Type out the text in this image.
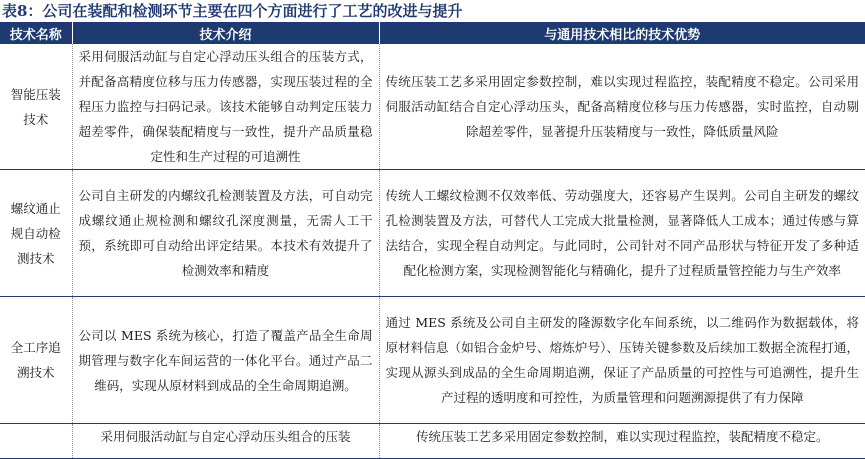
表8：公司在装配和检测环节主要在四个方面进行了工艺的改进与提升
技术名称	技术介绍	与通用技术相比的技术优势
智能压装技术	采用伺服活动缸与自定心浮动压头组合的压装方式，并配备高精度位移与压力传感器，实现压装过程的全程压力监控与扫码记录。该技术能够自动判定压装力超差零件，确保装配精度与一致性，提升产品质量稳定性和生产过程的可追溯性	传统压装工艺多采用固定参数控制，难以实现过程监控，装配精度不稳定。公司采用伺服活动缸结合自定心浮动压头，配备高精度位移与压力传感器，实时监控，自动剔除超差零件，显著提升压装精度与一致性，降低质量风险
螺纹通止规自动检测技术	公司自主研发的内螺纹孔检测装置及方法，可自动完成螺纹通止规检测和螺纹孔深度测量，无需人工干预，系统即可自动给出评定结果。本技术有效提升了检测效率和精度	传统人工螺纹检测不仅效率低、劳动强度大，还容易产生误判。公司自主研发的螺纹孔检测装置及方法，可替代人工完成大批量检测，显著降低人工成本；通过传感与算法结合，实现全程自动判定。与此同时，公司针对不同产品形状与特征开发了多种适配化检测方案，实现检测智能化与精确化，提升了过程质量管控能力与生产效率
全工序追溯技术	公司以 MES 系统为核心，打造了覆盖产品全生命周期管理与数字化车间运营的一体化平台。通过产品二维码，实现从原材料到成品的全生命周期追溯。	通过 MES 系统及公司自主研发的隆源数字化车间系统，以二维码作为数据载体，将原材料信息（如铝合金炉号、熔炼炉号）、压铸关键参数及后续加工数据全流程打通，实现从源头到成品的全生命周期追溯，保证了产品质量的可控性与可追溯性，提升生产过程的透明度和可控性，为质量管理和问题溯源提供了有力保障
	采用伺服活动缸与自定心浮动压头组合的压装	传统压装工艺多采用固定参数控制，难以实现过程监控，装配精度不稳定。
